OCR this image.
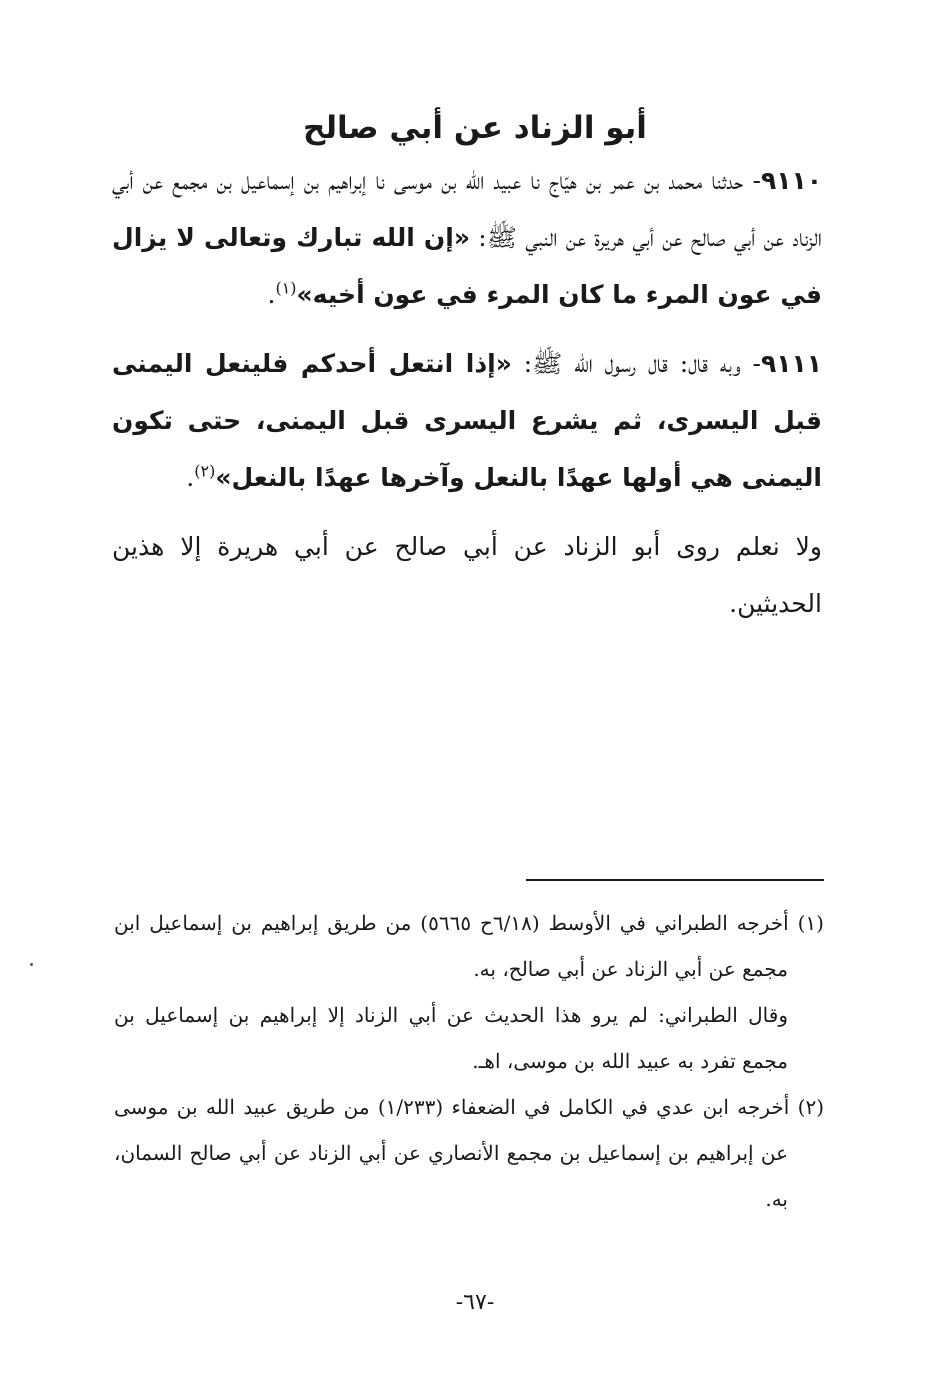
أبو الزناد عن أبي صالح

٩١١٠- حدثنا محمد بن عمر بن هيّاج نا عبيد الله بن موسى نا إبراهيم بن إسماعيل بن مجمع عن أبي الزناد عن أبي صالح عن أبي هريرة عن النبي ﷺ: «إن الله تبارك وتعالى لا يزال في عون المرء ما كان المرء في عون أخيه»$^{(١)}$.

٩١١١- وبه قال: قال رسول الله ﷺ: «إذا انتعل أحدكم فلينعل اليمنى قبل اليسرى، ثم يشرع اليسرى قبل اليمنى، حتى تكون اليمنى هي أولها عهدًا بالنعل وآخرها عهدًا بالنعل»$^{(٢)}$.

ولا نعلم روى أبو الزناد عن أبي صالح عن أبي هريرة إلا هذين الحديثين.

(١) أخرجه الطبراني في الأوسط (٦/١٨ح ٥٦٦٥) من طريق إبراهيم بن إسماعيل ابن مجمع عن أبي الزناد عن أبي صالح، به.

وقال الطبراني: لم يرو هذا الحديث عن أبي الزناد إلا إبراهيم بن إسماعيل بن مجمع تفرد به عبيد الله بن موسى، اهـ.

(٢) أخرجه ابن عدي في الكامل في الضعفاء (١/٢٣٣) من طريق عبيد الله بن موسى عن إبراهيم بن إسماعيل بن مجمع الأنصاري عن أبي الزناد عن أبي صالح السمان، به.

-٦٧-
